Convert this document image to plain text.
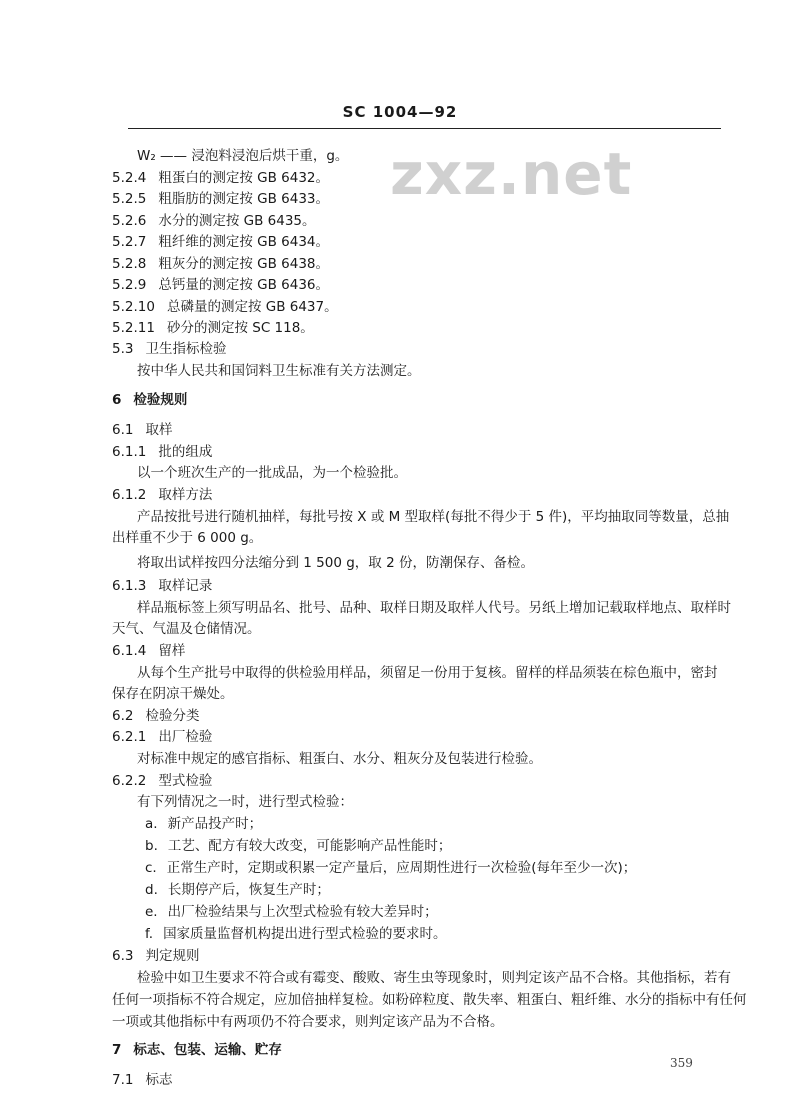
SC 1004—92
zxz.net
W₂ —— 浸泡料浸泡后烘干重，g。
5.2.4 粗蛋白的测定按 GB 6432。
5.2.5 粗脂肪的测定按 GB 6433。
5.2.6 水分的测定按 GB 6435。
5.2.7 粗纤维的测定按 GB 6434。
5.2.8 粗灰分的测定按 GB 6438。
5.2.9 总钙量的测定按 GB 6436。
5.2.10 总磷量的测定按 GB 6437。
5.2.11 砂分的测定按 SC 118。
5.3 卫生指标检验
按中华人民共和国饲料卫生标准有关方法测定。
6 检验规则
6.1 取样
6.1.1 批的组成
以一个班次生产的一批成品，为一个检验批。
6.1.2 取样方法
产品按批号进行随机抽样，每批号按 X 或 M 型取样(每批不得少于 5 件)，平均抽取同等数量，总抽
出样重不少于 6 000 g。
将取出试样按四分法缩分到 1 500 g，取 2 份，防潮保存、备检。
6.1.3 取样记录
样品瓶标签上须写明品名、批号、品种、取样日期及取样人代号。另纸上增加记载取样地点、取样时
天气、气温及仓储情况。
6.1.4 留样
从每个生产批号中取得的供检验用样品，须留足一份用于复核。留样的样品须装在棕色瓶中，密封
保存在阴凉干燥处。
6.2 检验分类
6.2.1 出厂检验
对标准中规定的感官指标、粗蛋白、水分、粗灰分及包装进行检验。
6.2.2 型式检验
有下列情况之一时，进行型式检验：
a. 新产品投产时；
b. 工艺、配方有较大改变，可能影响产品性能时；
c. 正常生产时，定期或积累一定产量后，应周期性进行一次检验(每年至少一次)；
d. 长期停产后，恢复生产时；
e. 出厂检验结果与上次型式检验有较大差异时；
f. 国家质量监督机构提出进行型式检验的要求时。
6.3 判定规则
检验中如卫生要求不符合或有霉变、酸败、寄生虫等现象时，则判定该产品不合格。其他指标，若有
任何一项指标不符合规定，应加倍抽样复检。如粉碎粒度、散失率、粗蛋白、粗纤维、水分的指标中有任何
一项或其他指标中有两项仍不符合要求，则判定该产品为不合格。
7 标志、包装、运输、贮存
7.1 标志
359
